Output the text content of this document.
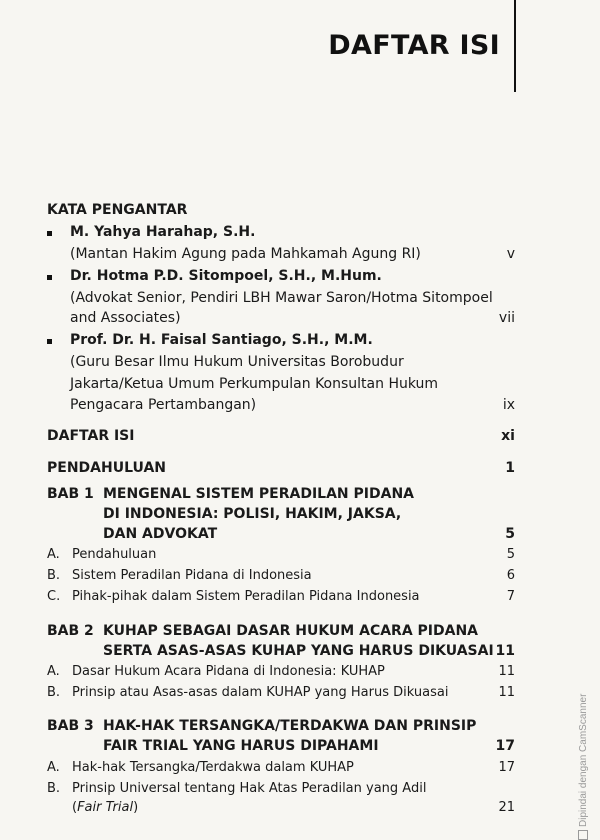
DAFTAR ISI
KATA PENGANTAR
M. Yahya Harahap, S.H.
(Mantan Hakim Agung pada Mahkamah Agung RI)	v
Dr. Hotma P.D. Sitompoel, S.H., M.Hum.
(Advokat Senior, Pendiri LBH Mawar Saron/Hotma Sitompoel
and Associates)	vii
Prof. Dr. H. Faisal Santiago, S.H., M.M.
(Guru Besar Ilmu Hukum Universitas Borobudur
Jakarta/Ketua Umum Perkumpulan Konsultan Hukum
Pengacara Pertambangan)	ix
DAFTAR ISI	xi
PENDAHULUAN	1
BAB 1 MENGENAL SISTEM PERADILAN PIDANA
DI INDONESIA: POLISI, HAKIM, JAKSA,
DAN ADVOKAT	5
A. Pendahuluan	5
B. Sistem Peradilan Pidana di Indonesia	6
C. Pihak-pihak dalam Sistem Peradilan Pidana Indonesia	7
BAB 2 KUHAP SEBAGAI DASAR HUKUM ACARA PIDANA
SERTA ASAS-ASAS KUHAP YANG HARUS DIKUASAI 11
A. Dasar Hukum Acara Pidana di Indonesia: KUHAP	11
B. Prinsip atau Asas-asas dalam KUHAP yang Harus Dikuasai	11
BAB 3 HAK-HAK TERSANGKA/TERDAKWA DAN PRINSIP
FAIR TRIAL YANG HARUS DIPAHAMI	17
A. Hak-hak Tersangka/Terdakwa dalam KUHAP	17
B. Prinsip Universal tentang Hak Atas Peradilan yang Adil
(Fair Trial)	21	Dipindai dengan CamScanner
